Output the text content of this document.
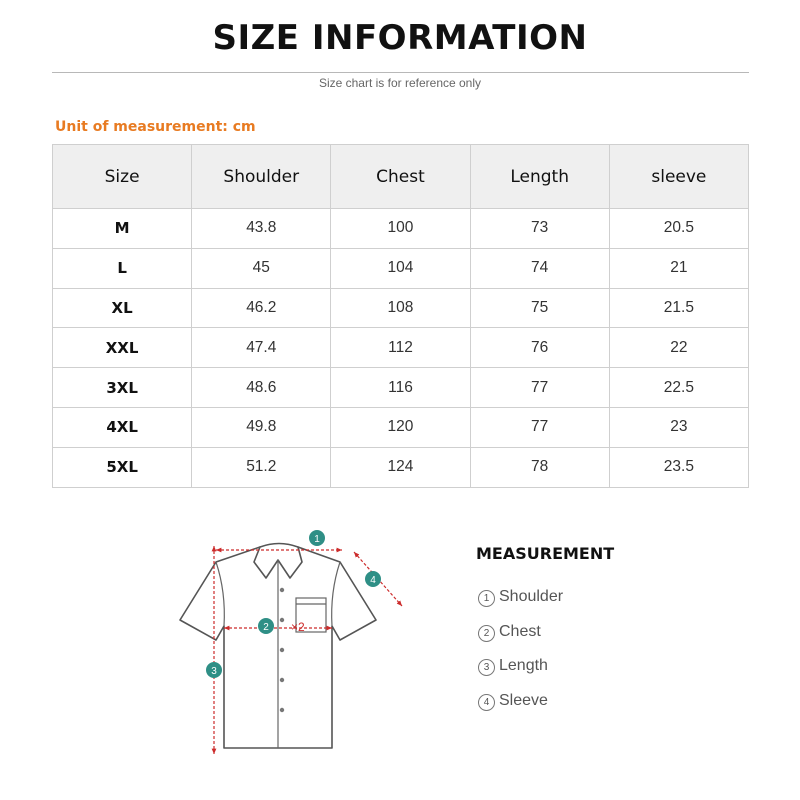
SIZE INFORMATION
Size chart is for reference only
Unit of measurement: cm
Size	Shoulder	Chest	Length	sleeve
M	43.8	100	73	20.5
L	45	104	74	21
XL	46.2	108	75	21.5
XXL	47.4	112	76	22
3XL	48.6	116	77	22.5
4XL	49.8	120	77	23
5XL	51.2	124	78	23.5
1
2 ×2
3
4
MEASUREMENT
1 Shoulder
2 Chest
3 Length
4 Sleeve
